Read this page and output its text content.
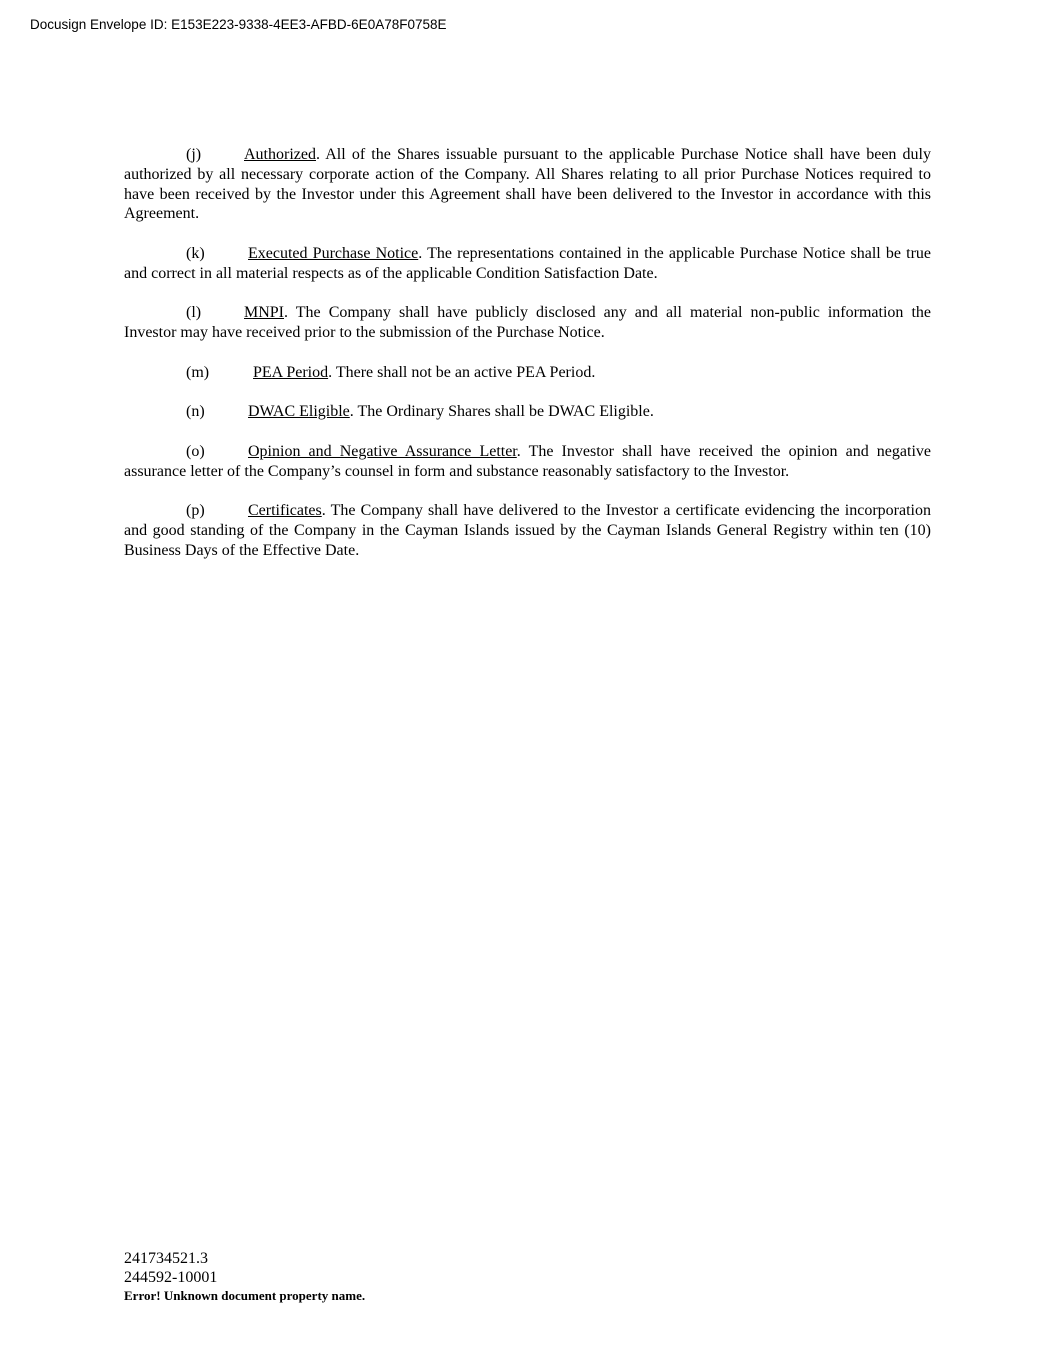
Docusign Envelope ID: E153E223-9338-4EE3-AFBD-6E0A78F0758E

(j)	Authorized. All of the Shares issuable pursuant to the applicable Purchase Notice shall have been duly authorized by all necessary corporate action of the Company. All Shares relating to all prior Purchase Notices required to have been received by the Investor under this Agreement shall have been delivered to the Investor in accordance with this Agreement.

(k)	Executed Purchase Notice. The representations contained in the applicable Purchase Notice shall be true and correct in all material respects as of the applicable Condition Satisfaction Date.

(l)	MNPI. The Company shall have publicly disclosed any and all material non-public information the Investor may have received prior to the submission of the Purchase Notice.

(m)	PEA Period. There shall not be an active PEA Period.

(n)	DWAC Eligible. The Ordinary Shares shall be DWAC Eligible.

(o)	Opinion and Negative Assurance Letter. The Investor shall have received the opinion and negative assurance letter of the Company’s counsel in form and substance reasonably satisfactory to the Investor.

(p)	Certificates. The Company shall have delivered to the Investor a certificate evidencing the incorporation and good standing of the Company in the Cayman Islands issued by the Cayman Islands General Registry within ten (10) Business Days of the Effective Date.

241734521.3
244592-10001
Error! Unknown document property name.
